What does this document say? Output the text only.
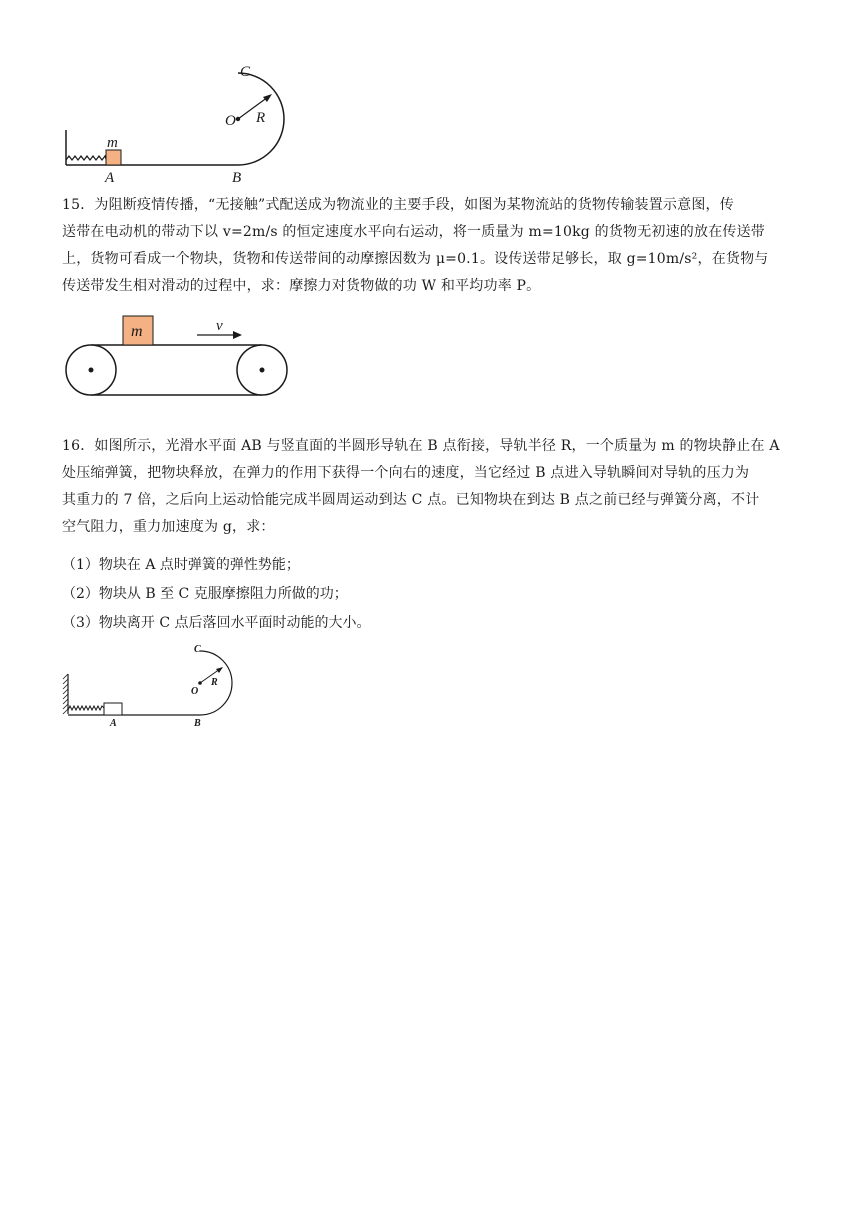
C
O R
m
A	B
15．为阻断疫情传播，“无接触”式配送成为物流业的主要手段，如图为某物流站的货物传输装置示意图，传
送带在电动机的带动下以 v=2m/s 的恒定速度水平向右运动，将一质量为 m=10kg 的货物无初速的放在传送带
上，货物可看成一个物块，货物和传送带间的动摩擦因数为 μ=0.1。设传送带足够长，取 g=10m/s²，在货物与
传送带发生相对滑动的过程中，求：摩擦力对货物做的功 W 和平均功率 P。
m	v
16．如图所示，光滑水平面 AB 与竖直面的半圆形导轨在 B 点衔接，导轨半径 R，一个质量为 m 的物块静止在 A
处压缩弹簧，把物块释放，在弹力的作用下获得一个向右的速度，当它经过 B 点进入导轨瞬间对导轨的压力为
其重力的 7 倍，之后向上运动恰能完成半圆周运动到达 C 点。已知物块在到达 B 点之前已经与弹簧分离，不计
空气阻力，重力加速度为 g，求：
（1）物块在 A 点时弹簧的弹性势能；
（2）物块从 B 至 C 克服摩擦阻力所做的功；
（3）物块离开 C 点后落回水平面时动能的大小。
C
O
R
A	B
